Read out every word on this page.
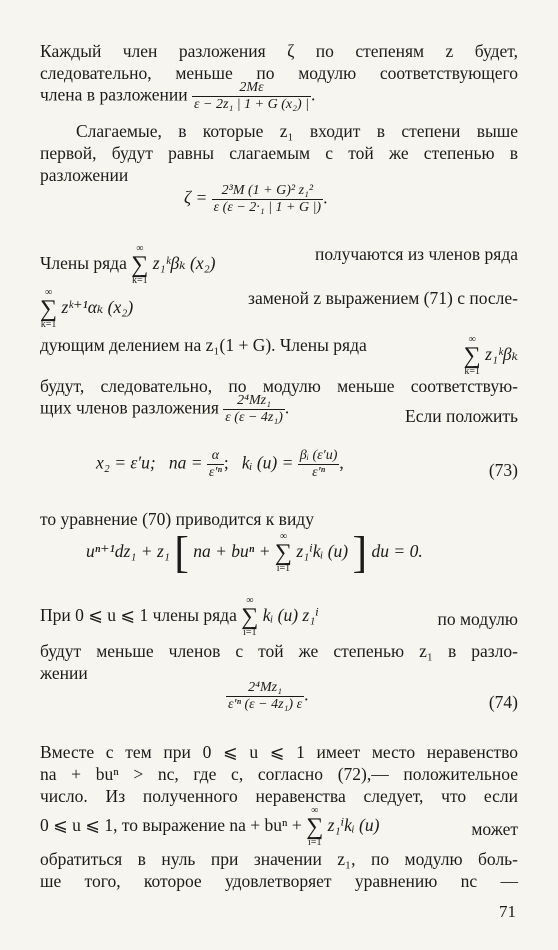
Каждый член разложения ζ по степеням z будет,
следовательно, меньше по модулю соответствующего
члена в разложении $\frac{2M\varepsilon}{\text{ε − 2z₁ | 1 + G (x₂) |}}$ .
Слагаемые, в которые z₁ входит в степени выше
первой, будут равны слагаемым с той же степенью в
разложении
$\zeta = \frac{\text{2³M (1 + G)² z₁²}}{\text{ε (ε − 2·₁ | 1 + G |)}}$ .
Члены ряда ∞
∑
k=1 z₁ᵏβₖ (x₂)	получаются из членов ряда
∞
∑
k=1 zᵏ⁺¹αₖ (x₂)	заменой z выражением (71) с после-
дующим делением на z₁(1 + G). Члены ряда	∞
∑
k=1 z₁ᵏβₖ
будут, следовательно, по модулю меньше соответствую-
щих членов разложения $\frac{\text{2⁴Mz₁}}{\text{ε (ε − 4z₁)}}$ .	Если положить
x₂ = ε′u; na = $\frac{\alpha}{\text{ε′ⁿ}}$ ;   kᵢ $(u) = \frac{\text{βᵢ (ε′u)}}{\text{ε′ⁿ}}$ ,	(73)
то уравнение (70) приводится к виду
uⁿ⁺¹dz₁ + z₁ [ na + buⁿ + ∞
∑
i=1 z₁ⁱkᵢ (u) ] du = 0.
При 0 ⩽ u ⩽ 1 члены ряда ∞
∑
i=1 kᵢ (u) z₁ⁱ	по модулю
будут меньше членов с той же степенью z₁ в разло-
жении
$\frac{\text{2⁴Mz₁}}{\text{ε′ⁿ (ε − 4z₁) ε}}$ .	(74)
Вместе с тем при 0 ⩽ u ⩽ 1 имеет место неравенство
na + buⁿ > nc, где c, согласно (72),— положительное
число. Из полученного неравенства следует, что если
0 ⩽ u ⩽ 1, то выражение na + buⁿ + ∞
∑
i=1 z₁ⁱkᵢ (u)	может
обратиться в нуль при значении z₁, по модулю боль-
ше того, которое удовлетворяет уравнению nc —
71
